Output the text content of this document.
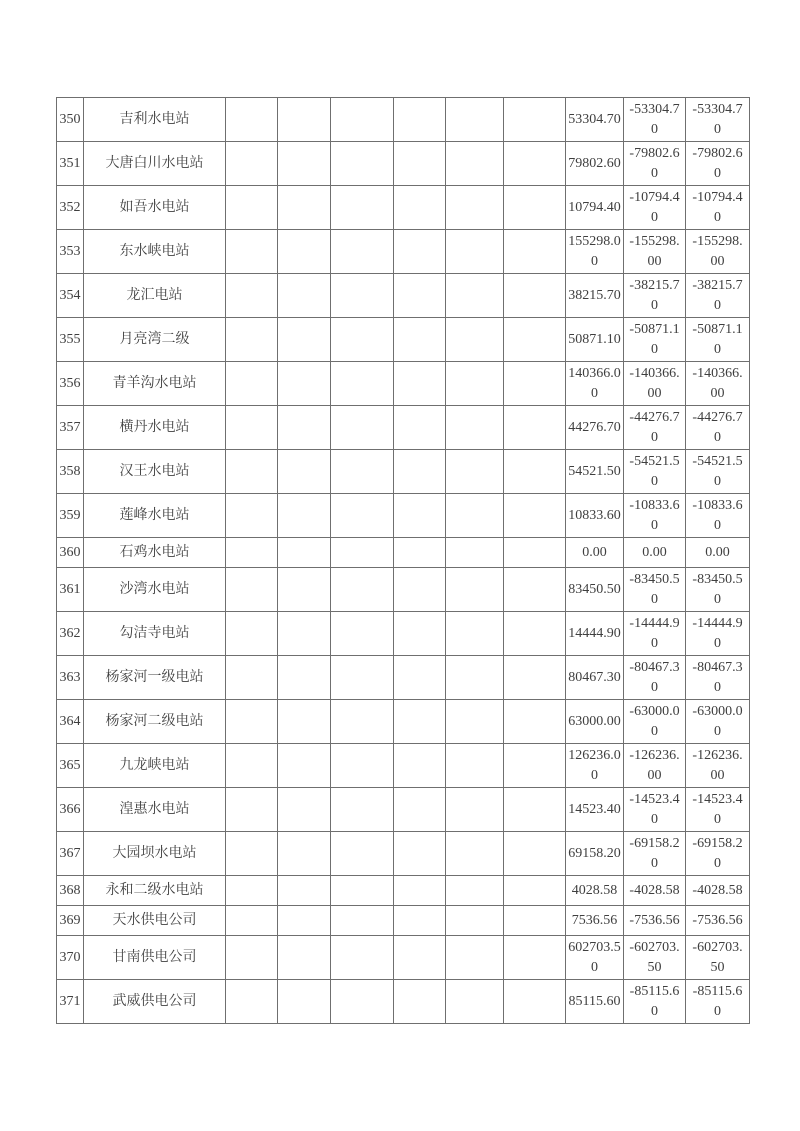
350	吉利水电站							53304.70	-53304.70	-53304.70

351	大唐白川水电站							79802.60	-79802.60	-79802.60

352	如吾水电站							10794.40	-10794.40	-10794.40

353	东水峡电站							155298.00	-155298.00	-155298.00

354	龙汇电站							38215.70	-38215.70	-38215.70

355	月亮湾二级							50871.10	-50871.10	-50871.10

356	青羊沟水电站							140366.00	-140366.00	-140366.00

357	横丹水电站							44276.70	-44276.70	-44276.70

358	汉王水电站							54521.50	-54521.50	-54521.50

359	莲峰水电站							10833.60	-10833.60	-10833.60

360	石鸡水电站							0.00	0.00	0.00

361	沙湾水电站							83450.50	-83450.50	-83450.50

362	勾洁寺电站							14444.90	-14444.90	-14444.90

363	杨家河一级电站							80467.30	-80467.30	-80467.30

364	杨家河二级电站							63000.00	-63000.00	-63000.00

365	九龙峡电站							126236.00	-126236.00	-126236.00

366	湟惠水电站							14523.40	-14523.40	-14523.40

367	大园坝水电站							69158.20	-69158.20	-69158.20

368	永和二级水电站							4028.58	-4028.58	-4028.58

369	天水供电公司							7536.56	-7536.56	-7536.56

370	甘南供电公司							602703.50	-602703.50	-602703.50

371	武威供电公司							85115.60	-85115.60	-85115.60
